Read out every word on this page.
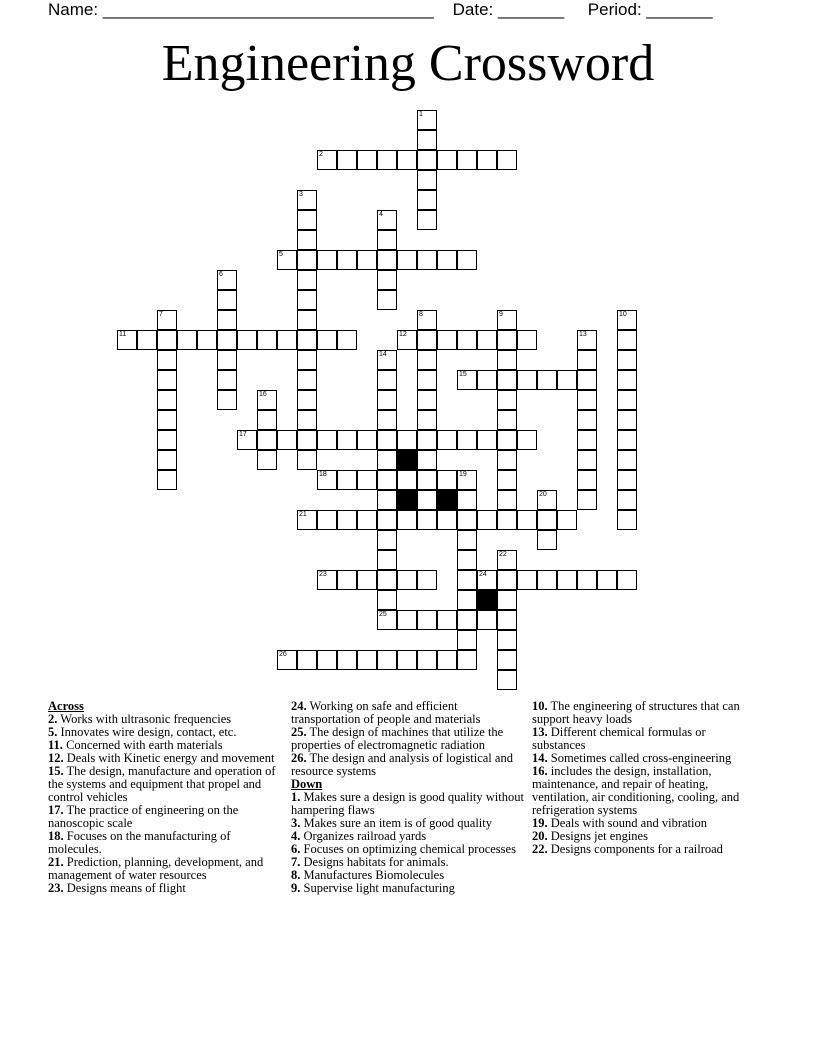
Name: ___________________________________ Date: _______ Period: _______
Engineering Crossword
1
2
3
4
5
6
7	8	9	10
11	12	13
14
15
16
17
18	19
20
21
23	24
22
25
26
Across

2. Works with ultrasonic frequencies

5. Innovates wire design, contact, etc.

11. Concerned with earth materials

12. Deals with Kinetic energy and movement

15. The design, manufacture and operation of the systems and equipment that propel and control vehicles

17. The practice of engineering on the nanoscopic scale

18. Focuses on the manufacturing of molecules.

21. Prediction, planning, development, and management of water resources

23. Designs means of flight

24. Working on safe and efficient transportation of people and materials

25. The design of machines that utilize the properties of electromagnetic radiation

26. The design and analysis of logistical and resource systems

Down

1. Makes sure a design is good quality without hampering flaws

3. Makes sure an item is of good quality

4. Organizes railroad yards

6. Focuses on optimizing chemical processes

7. Designs habitats for animals.

8. Manufactures Biomolecules

9. Supervise light manufacturing

10. The engineering of structures that can support heavy loads

13. Different chemical formulas or substances

14. Sometimes called cross-engineering

16. includes the design, installation, maintenance, and repair of heating, ventilation, air conditioning, cooling, and refrigeration systems

19. Deals with sound and vibration

20. Designs jet engines

22. Designs components for a railroad
